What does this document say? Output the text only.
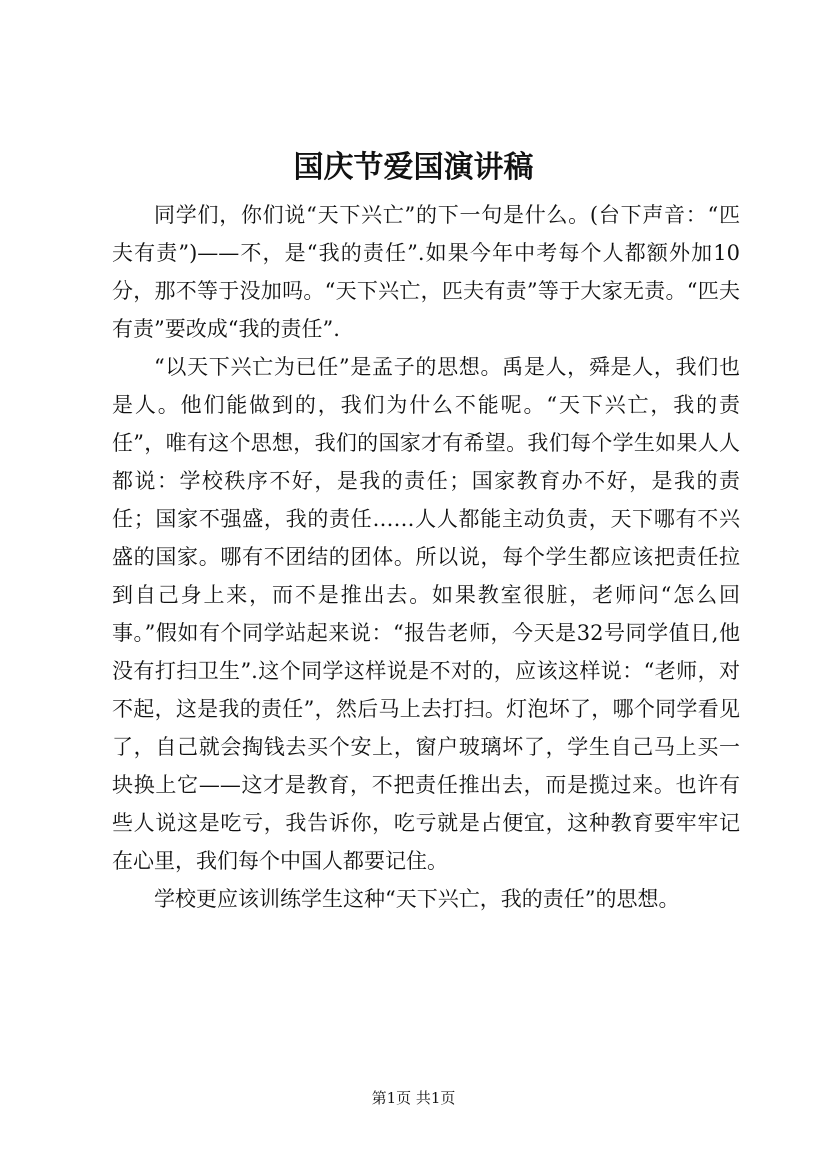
国庆节爱国演讲稿

同学们，你们说“天下兴亡”的下一句是什么。(台下声音：“匹夫有责”)——不，是“我的责任”.如果今年中考每个人都额外加10分，那不等于没加吗。“天下兴亡，匹夫有责”等于大家无责。“匹夫有责”要改成“我的责任”.

“以天下兴亡为已任”是孟子的思想。禹是人，舜是人，我们也是人。他们能做到的，我们为什么不能呢。“天下兴亡，我的责任”，唯有这个思想，我们的国家才有希望。我们每个学生如果人人都说：学校秩序不好，是我的责任；国家教育办不好，是我的责任；国家不强盛，我的责任……人人都能主动负责，天下哪有不兴盛的国家。哪有不团结的团体。所以说，每个学生都应该把责任拉到自己身上来，而不是推出去。如果教室很脏，老师问“怎么回事。”假如有个同学站起来说：“报告老师，今天是32号同学值日,他没有打扫卫生”.这个同学这样说是不对的，应该这样说：“老师，对不起，这是我的责任”，然后马上去打扫。灯泡坏了，哪个同学看见了，自己就会掏钱去买个安上，窗户玻璃坏了，学生自己马上买一块换上它——这才是教育，不把责任推出去，而是揽过来。也许有些人说这是吃亏，我告诉你，吃亏就是占便宜，这种教育要牢牢记在心里，我们每个中国人都要记住。

学校更应该训练学生这种“天下兴亡，我的责任”的思想。

第1页 共1页
